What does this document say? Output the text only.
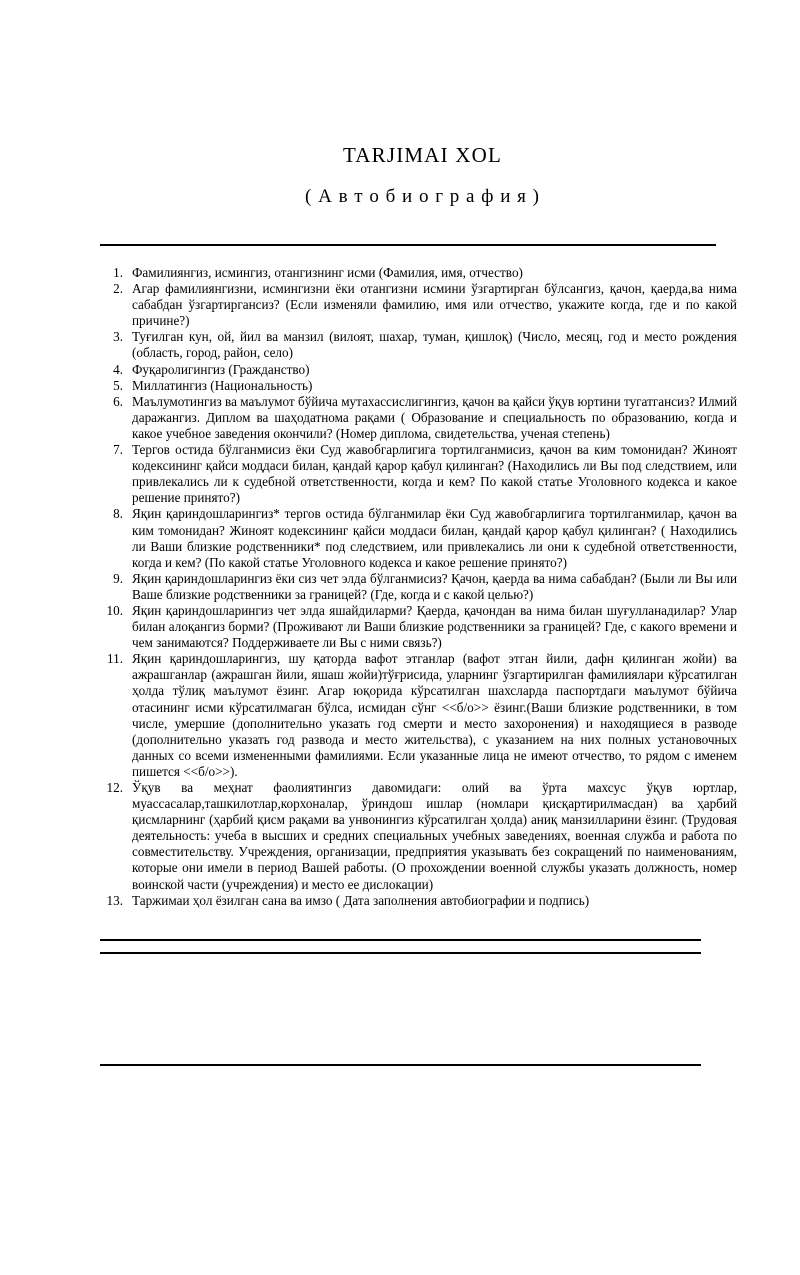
TARJIMAI XOL
( А в т о б и о г р а ф и я )
1. Фамилиянгиз, исмингиз, отангизнинг исми (Фамилия, имя, отчество)
2. Агар фамилиянгизни, исмингизни ёки отангизни исмини ўзгартирган бўлсангиз, қачон, қаерда,ва нима сабабдан ўзгартиргансиз? (Если изменяли фамилию, имя или отчество, укажите когда, где и по какой причине?)
3. Туғилган кун, ой, йил ва манзил (вилоят, шахар, туман, қишлоқ) (Число, месяц, год и место рождения (область, город, район, село)
4. Фуқаролигингиз (Гражданство)
5. Миллатингиз (Национальность)
6. Маълумотингиз ва маълумот бўйича мутахассислигингиз, қачон ва қайси ўқув юртини тугатгансиз? Илмий даражангиз. Диплом ва шаҳодатнома рақами ( Образование и специальность по образованию, когда и какое учебное заведения окончили? (Номер диплома, свидетельства, ученая степень)
7. Тергов остида бўлганмисиз ёки Суд жавобгарлигига тортилганмисиз, қачон ва ким томонидан? Жиноят кодексининг қайси моддаси билан, қандай қарор қабул қилинган? (Находились ли Вы под следствием, или привлекались ли к судебной ответственности, когда и кем? По какой статье Уголовного кодекса и какое решение принято?)
8. Яқин қариндошларингиз* тергов остида бўлганмилар ёки Суд жавобгарлигига тортилганмилар, қачон ва ким томонидан? Жиноят кодексининг қайси моддаси билан, қандай қарор қабул қилинган? ( Находились ли Ваши близкие родственники* под следствием, или привлекались ли они к судебной ответственности, когда и кем? (По какой статье Уголовного кодекса и какое решение принято?)
9. Яқин қариндошларингиз ёки сиз чет элда бўлганмисиз? Қачон, қаерда ва нима сабабдан? (Были ли Вы или Ваше близкие родственники за границей? (Где, когда и с какой целью?)
10. Яқин қариндошларингиз чет элда яшайдиларми? Қаерда, қачондан ва нима билан шуғулланадилар? Улар билан алоқангиз борми? (Проживают ли Ваши близкие родственники за границей? Где, с какого времени и чем занимаются? Поддерживаете ли Вы с ними связь?)
11. Яқин қариндошларингиз, шу қаторда вафот этганлар (вафот этган йили, дафн қилинган жойи) ва ажрашганлар (ажрашган йили, яшаш жойи)тўғрисида, уларнинг ўзгартирилган фамилиялари кўрсатилган ҳолда тўлиқ маълумот ёзинг. Агар юқорида кўрсатилган шахсларда паспортдаги маълумот бўйича отасининг исми кўрсатилмаган бўлса, исмидан сўнг <<б/о>> ёзинг.(Ваши близкие родственники, в том числе, умершие (дополнительно указать год смерти и место захоронения) и находящиеся в разводе (дополнительно указать год развода и место жительства), с указанием на них полных установочных данных со всеми измененными фамилиями. Если указанные лица не имеют отчество, то рядом с именем пишется <<б/о>>).
12. Ўқув ва меҳнат фаолиятингиз давомидаги: олий ва ўрта махсус ўқув юртлар, муассасалар,ташкилотлар,корхоналар, ўриндош ишлар (номлари қисқартирилмасдан) ва ҳарбий қисмларнинг (ҳарбий қисм рақами ва унвонингиз кўрсатилган ҳолда) аниқ манзилларини ёзинг. (Трудовая деятельность: учеба в высших и средних специальных учебных заведениях, военная служба и работа по совместительству. Учреждения, организации, предприятия указывать без сокращений по наименованиям, которые они имели в период Вашей работы. (О прохождении военной службы указать должность, номер воинской части (учреждения) и место ее дислокации)
13. Таржимаи ҳол ёзилган сана ва имзо ( Дата заполнения автобиографии и подпись)
